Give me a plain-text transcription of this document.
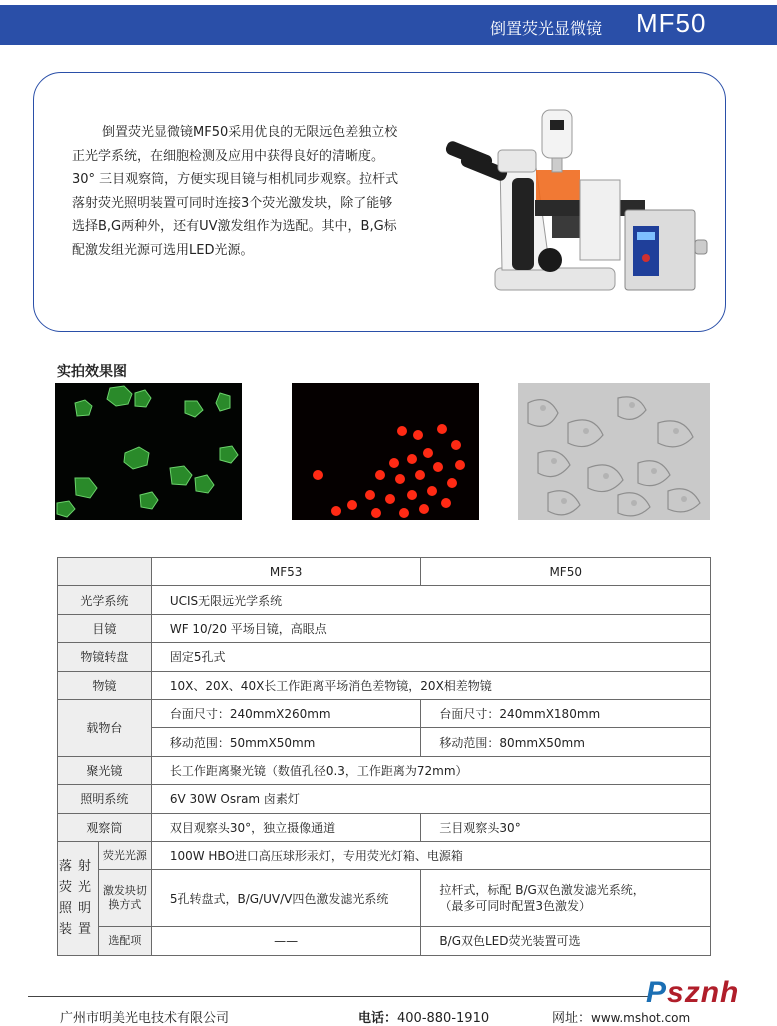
倒置荧光显微镜 MF50

倒置荧光显微镜MF50采用优良的无限远色差独立校正光学系统，在细胞检测及应用中获得良好的清晰度。30° 三目观察筒，方便实现目镜与相机同步观察。拉杆式落射荧光照明装置可同时连接3个荧光激发块，除了能够选择B,G两种外，还有UV激发组作为选配。其中，B,G标配激发组光源可选用LED光源。

实拍效果图
		MF53	MF50
光学系统		UCIS无限远光学系统	
目镜		WF 10/20 平场目镜，高眼点	
物镜转盘		固定5孔式	
物镜		10X、20X、40X长工作距离平场消色差物镜，20X相差物镜	
载物台		台面尺寸：240mmX260mm	台面尺寸：240mmX180mm
		移动范围：50mmX50mm	移动范围：80mmX50mm
聚光镜		长工作距离聚光镜（数值孔径0.3，工作距离为72mm）	
照明系统		6V 30W Osram 卤素灯	
观察筒		双目观察头30°，独立摄像通道	三目观察头30°
落射荧光照明装置	荧光光源	100W HBO进口高压球形汞灯，专用荧光灯箱、电源箱	
	激发块切换方式	5孔转盘式，B/G/UV/V四色激发滤光系统	拉杆式，标配 B/G双色激发滤光系统，
（最多可同时配置3色激发）

	选配项	——	B/G双色LED荧光装置可选
广州市明美光电技术有限公司	电话：400-880-1910	网址：www.mshot.com
Psznh
